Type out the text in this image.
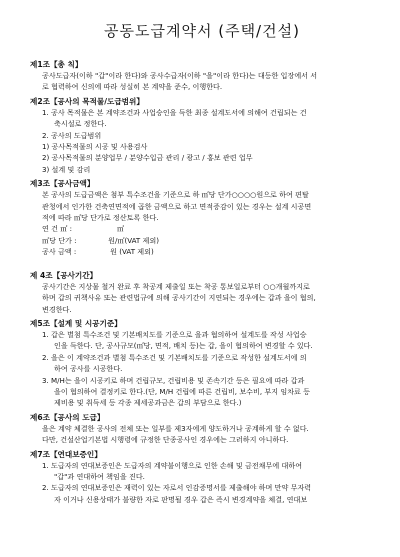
공동도급계약서 (주택/건설)
제1조【총 칙】
공사도급자(이하 "갑"이라 한다)와 공사수급자(이하 "을"이라 한다)는 대등한 입장에서 서
로 협력하여 신의에 따라 성실히 본 계약을 준수, 이행한다.
제2조【공사의 목적물/도급범위】
1. 공사 목적물은 본 계약조건과 사업승인을 득한 최종 설계도서에 의해여 건립되는 건
축시설로 정한다.
2. 공사의 도급범위
1) 공사목적물의 시공 및 사용검사
2) 공사목적물의 분양업무 / 분양수입금 관리 / 광고 / 홍보 관련 업무
3) 설계 및 감리
제3조【공사금액】
본 공사의 도급금액은 첨부 특수조건을 기준으로 하 ㎡당 단가○○○○원으로 하여 편탈
관청에서 인가한 건축연면적에 곱한 금액으로 하고 면적증감이 있는 경우는 설계 시공면
적에 따라 ㎡당 단가로 정산토록 한다.
연 건 ㎡ :                    ㎡
㎡당 단가 :              원/㎡(VAT 제외)
공사 금액 :               원 (VAT 제외)
제 4조【공사기간】
공사기간은 지상물 철거 완료 후 착공계 제출일 또는 착공 통보일로부터 ○○개월까지로
하며 갑의 귀책사유 또는 관련법규에 의해 공사기간이 지연되는 경우에는 갑과 을이 협의,
변경한다.
제5조【설계 및 시공기준】
1. 갑은 별첨 특수조건 및 기본배치도를 기준으로 을과 협의하여 설계도를 작성 사업승
인을 득한다. 단, 공사규모(㎡당, 면적, 배치 등)는 갑, 을이 협의하여 변경할 수 있다.
2. 을은 이 계약조건과 별첨 특수조건 및 기본배치도를 기준으로 작성한 설계도서에 의
하여 공사를 시공한다.
3. M/H는 을이 시공키로 하며 건립규모, 건립비용 및 존속기간 등은 필요에 따라 갑과
을이 협의하여 결정키로 한다.(단, M/H 건립에 따른 건립비, 보수비, 부지 임차료 등
제비용 및 취득세 등 각종 제세공과금은 갑의 부담으로 한다.)
제6조【공사의 도급】
을은 계약 체결한 공사의 전체 또는 일부를 제3자에게 양도하거나 공계하게 할 수 없다.
다만, 건설산업기본법 시행령에 규정한 단종공사인 경우에는 그러하지 아니하다.
제7조【연대보증인】
1. 도급자의 연대보증인은 도급자의 계약불이행으로 인한 손해 및 금전채무에 대하여
"갑"과 연대하여 책임을 진다.
2. 도급자의 연대보증인은 재력이 있는 자로서 인감증명서를 제출해야 하며 만약 무자력
자 이거나 신용상태가 불량한 자로 판명될 경우 갑은 즉시 변경계약을 체결, 연대보
